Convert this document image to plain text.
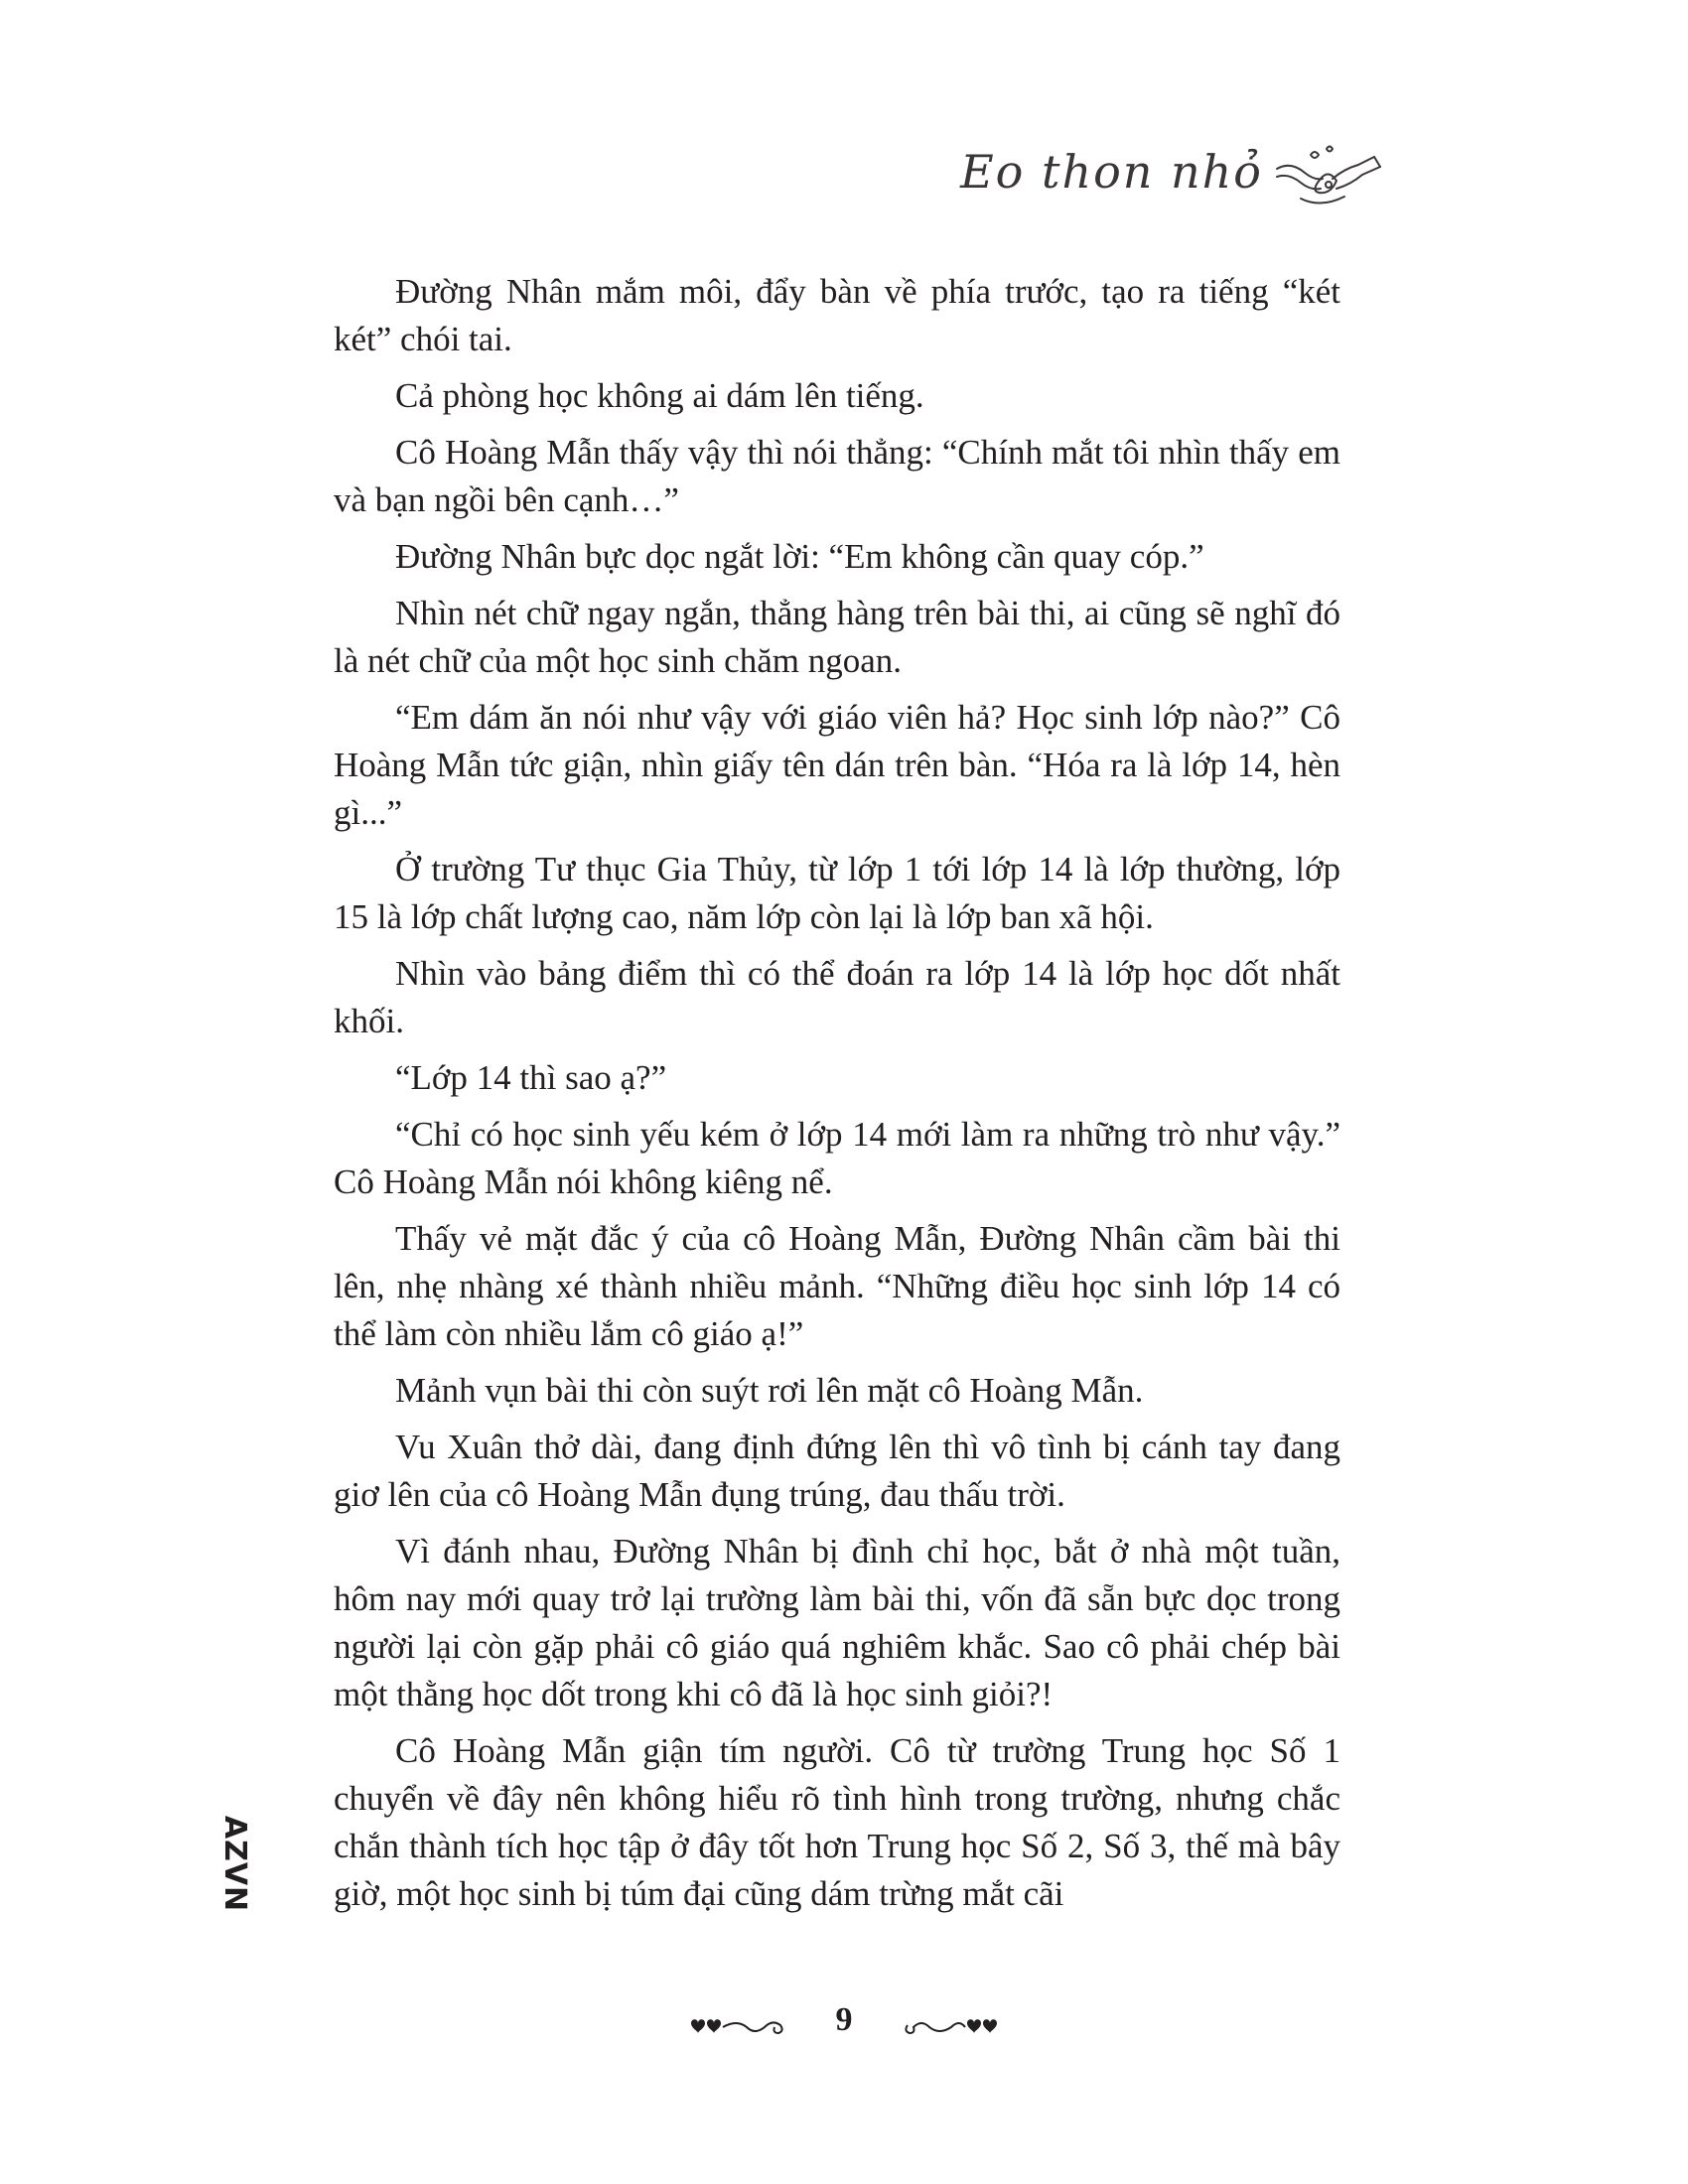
Eo thon nhỏ

Đường Nhân mắm môi, đẩy bàn về phía trước, tạo ra tiếng “két két” chói tai.

Cả phòng học không ai dám lên tiếng.

Cô Hoàng Mẫn thấy vậy thì nói thẳng: “Chính mắt tôi nhìn thấy em và bạn ngồi bên cạnh…”

Đường Nhân bực dọc ngắt lời: “Em không cần quay cóp.”

Nhìn nét chữ ngay ngắn, thẳng hàng trên bài thi, ai cũng sẽ nghĩ đó là nét chữ của một học sinh chăm ngoan.

“Em dám ăn nói như vậy với giáo viên hả? Học sinh lớp nào?” Cô Hoàng Mẫn tức giận, nhìn giấy tên dán trên bàn. “Hóa ra là lớp 14, hèn gì...”

Ở trường Tư thục Gia Thủy, từ lớp 1 tới lớp 14 là lớp thường, lớp 15 là lớp chất lượng cao, năm lớp còn lại là lớp ban xã hội.

Nhìn vào bảng điểm thì có thể đoán ra lớp 14 là lớp học dốt nhất khối.

“Lớp 14 thì sao ạ?”

“Chỉ có học sinh yếu kém ở lớp 14 mới làm ra những trò như vậy.” Cô Hoàng Mẫn nói không kiêng nể.

Thấy vẻ mặt đắc ý của cô Hoàng Mẫn, Đường Nhân cầm bài thi lên, nhẹ nhàng xé thành nhiều mảnh. “Những điều học sinh lớp 14 có thể làm còn nhiều lắm cô giáo ạ!”

Mảnh vụn bài thi còn suýt rơi lên mặt cô Hoàng Mẫn.

Vu Xuân thở dài, đang định đứng lên thì vô tình bị cánh tay đang giơ lên của cô Hoàng Mẫn đụng trúng, đau thấu trời.

Vì đánh nhau, Đường Nhân bị đình chỉ học, bắt ở nhà một tuần, hôm nay mới quay trở lại trường làm bài thi, vốn đã sẵn bực dọc trong người lại còn gặp phải cô giáo quá nghiêm khắc. Sao cô phải chép bài một thằng học dốt trong khi cô đã là học sinh giỏi?!

Cô Hoàng Mẫn giận tím người. Cô từ trường Trung học Số 1 chuyển về đây nên không hiểu rõ tình hình trong trường, nhưng chắc chắn thành tích học tập ở đây tốt hơn Trung học Số 2, Số 3, thế mà bây giờ, một học sinh bị túm đại cũng dám trừng mắt cãi

AZVN
9
